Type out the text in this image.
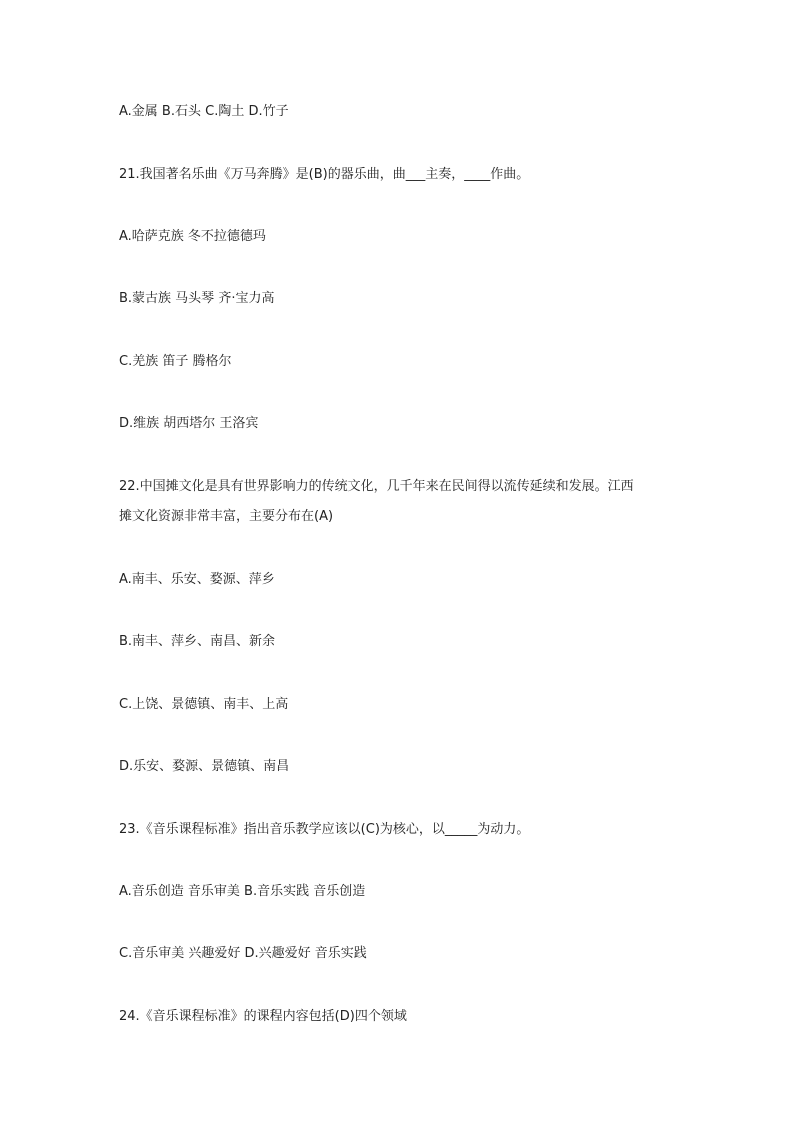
A.金属 B.石头 C.陶土 D.竹子
21.我国著名乐曲《万马奔腾》是(B)的器乐曲，曲___主奏，____作曲。
A.哈萨克族 冬不拉德德玛
B.蒙古族 马头琴 齐·宝力高
C.羌族 笛子 腾格尔
D.维族 胡西塔尔 王洛宾
22.中国摊文化是具有世界影响力的传统文化，几千年来在民间得以流传延续和发展。江西
摊文化资源非常丰富，主要分布在(A)
A.南丰、乐安、婺源、萍乡
B.南丰、萍乡、南昌、新余
C.上饶、景德镇、南丰、上高
D.乐安、婺源、景德镇、南昌
23.《音乐课程标准》指出音乐教学应该以(C)为核心，以_____为动力。
A.音乐创造 音乐审美 B.音乐实践 音乐创造
C.音乐审美 兴趣爱好 D.兴趣爱好 音乐实践
24.《音乐课程标准》的课程内容包括(D)四个领域
